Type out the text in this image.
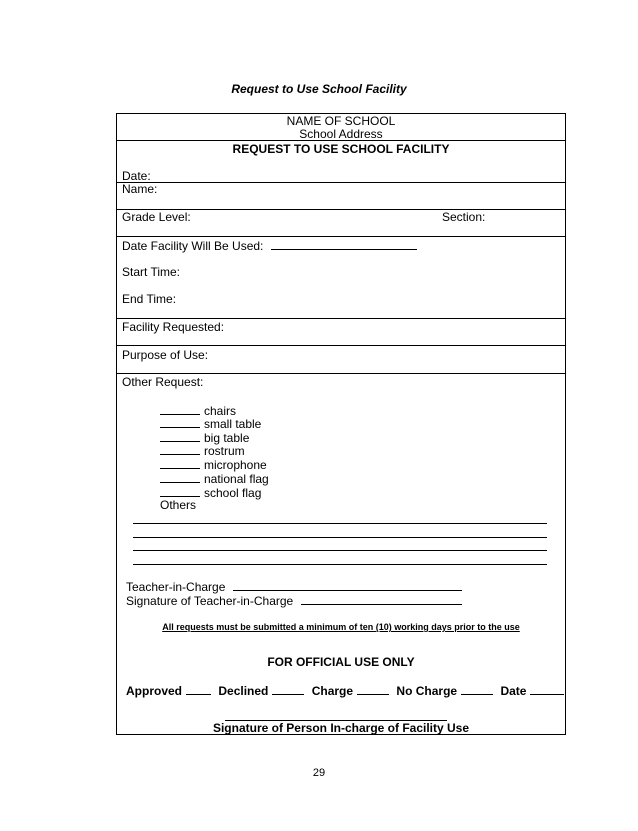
Request to Use School Facility
NAME OF SCHOOL
School Address
REQUEST TO USE SCHOOL FACILITY
Date:
Name:
Grade Level:	Section:
Date Facility Will Be Used:
Start Time:
End Time:
Facility Requested:
Purpose of Use:
Other Request:
chairs
small table
big table
rostrum
microphone
national flag
school flag
Others
Teacher-in-Charge
Signature of Teacher-in-Charge
All requests must be submitted a minimum of ten (10) working days prior to the use
FOR OFFICIAL USE ONLY
Approved	Declined	Charge	No Charge	Date
Signature of Person In-charge of Facility Use
29
